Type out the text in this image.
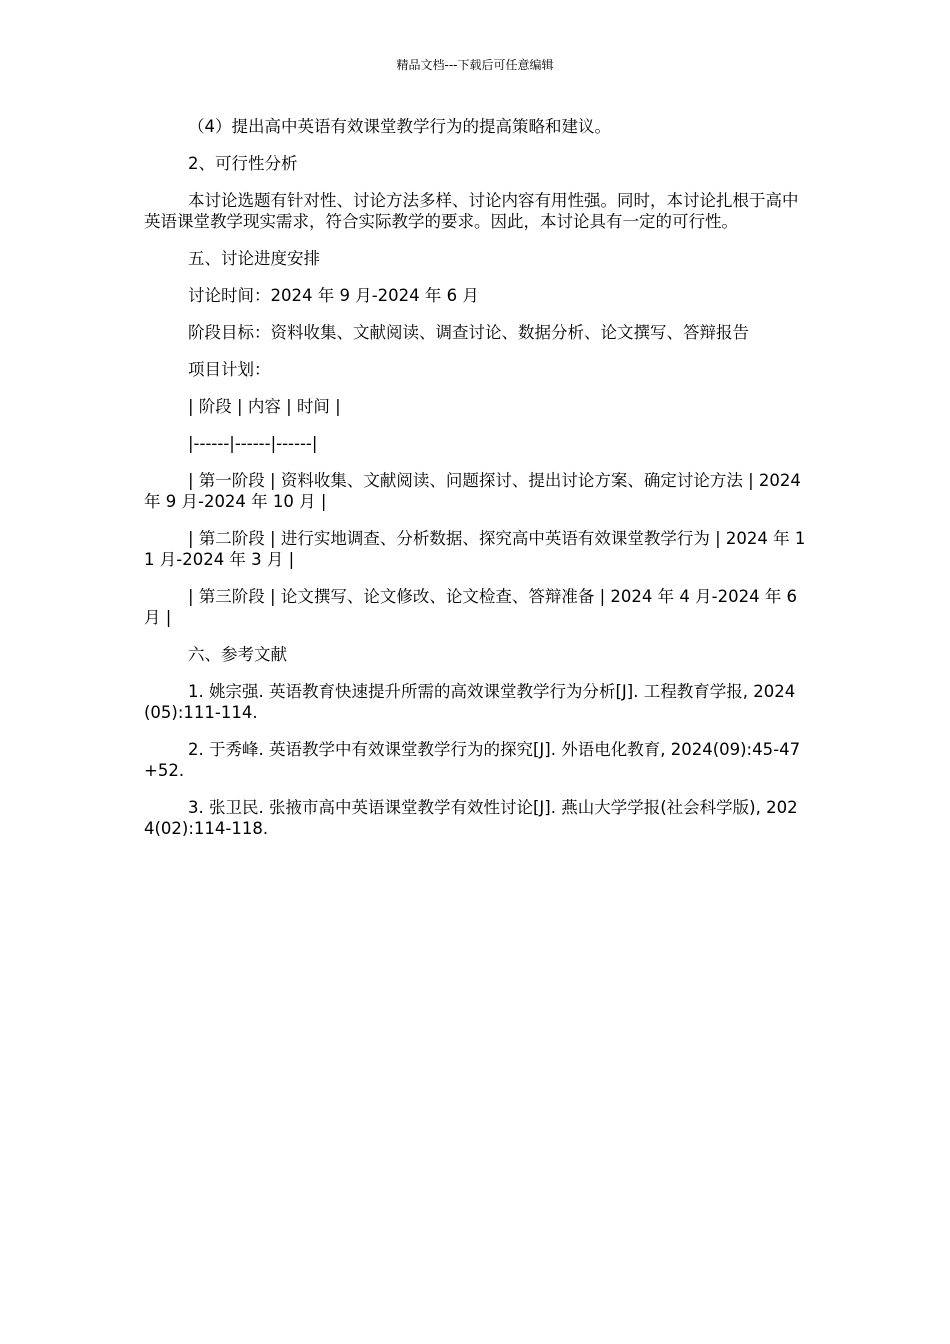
精品文档---下载后可任意编辑

（4）提出高中英语有效课堂教学行为的提高策略和建议。

2、可行性分析

本讨论选题有针对性、讨论方法多样、讨论内容有用性强。同时，本讨论扎根于高中英语课堂教学现实需求，符合实际教学的要求。因此，本讨论具有一定的可行性。

五、讨论进度安排

讨论时间：2024 年 9 月-2024 年 6 月

阶段目标：资料收集、文献阅读、调查讨论、数据分析、论文撰写、答辩报告

项目计划：

| 阶段 | 内容 | 时间 |

|------|------|------|

| 第一阶段 | 资料收集、文献阅读、问题探讨、提出讨论方案、确定讨论方法 | 2024 年 9 月-2024 年 10 月 |

| 第二阶段 | 进行实地调查、分析数据、探究高中英语有效课堂教学行为 | 2024 年 11 月-2024 年 3 月 |

| 第三阶段 | 论文撰写、论文修改、论文检查、答辩准备 | 2024 年 4 月-2024 年 6 月 |

六、参考文献

1. 姚宗强. 英语教育快速提升所需的高效课堂教学行为分析[J]. 工程教育学报, 2024(05):111-114.

2. 于秀峰. 英语教学中有效课堂教学行为的探究[J]. 外语电化教育, 2024(09):45-47+52.

3. 张卫民. 张掖市高中英语课堂教学有效性讨论[J]. 燕山大学学报(社会科学版), 2024(02):114-118.
